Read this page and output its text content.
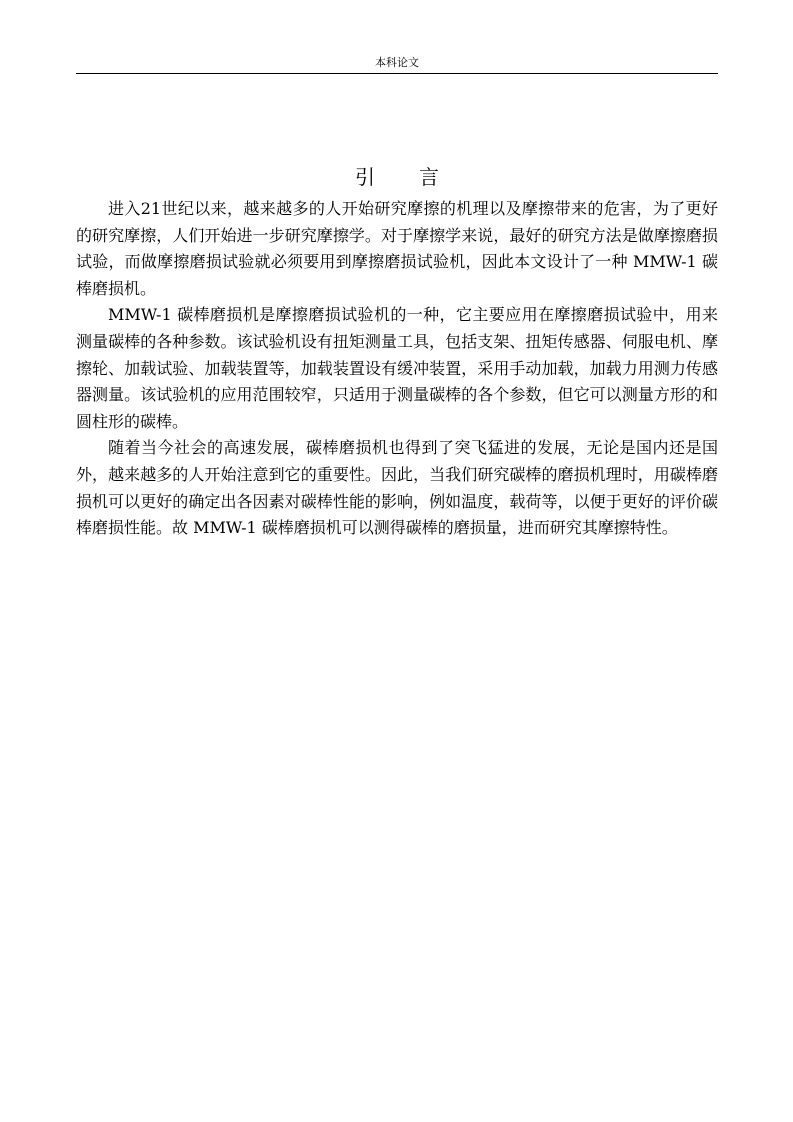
本科论文
引言

进入21世纪以来，越来越多的人开始研究摩擦的机理以及摩擦带来的危害，为了更好的研究摩擦，人们开始进一步研究摩擦学。对于摩擦学来说，最好的研究方法是做摩擦磨损试验，而做摩擦磨损试验就必须要用到摩擦磨损试验机，因此本文设计了一种 MMW-1 碳棒磨损机。

MMW-1 碳棒磨损机是摩擦磨损试验机的一种，它主要应用在摩擦磨损试验中，用来测量碳棒的各种参数。该试验机设有扭矩测量工具，包括支架、扭矩传感器、伺服电机、摩擦轮、加载试验、加载装置等，加载装置设有缓冲装置，采用手动加载，加载力用测力传感器测量。该试验机的应用范围较窄，只适用于测量碳棒的各个参数，但它可以测量方形的和圆柱形的碳棒。

随着当今社会的高速发展，碳棒磨损机也得到了突飞猛进的发展，无论是国内还是国外，越来越多的人开始注意到它的重要性。因此，当我们研究碳棒的磨损机理时，用碳棒磨损机可以更好的确定出各因素对碳棒性能的影响，例如温度，载荷等，以便于更好的评价碳棒磨损性能。故 MMW-1 碳棒磨损机可以测得碳棒的磨损量，进而研究其摩擦特性。
